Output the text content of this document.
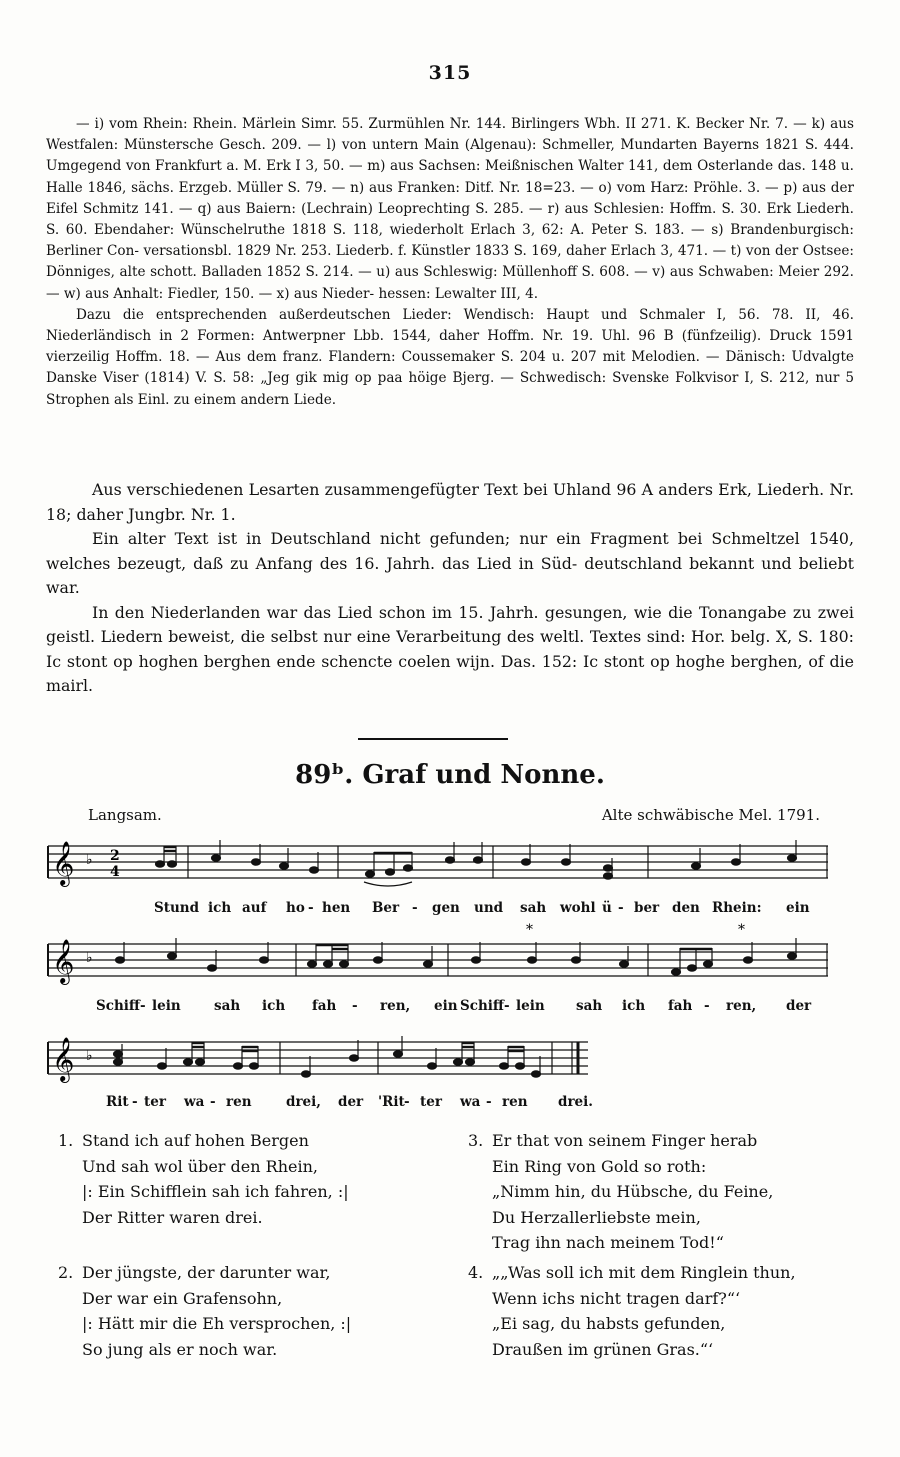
315

— i) vom Rhein: Rhein. Märlein Simr. 55. Zurmühlen Nr. 144. Birlingers Wbh. II 271. K. Becker Nr. 7. — k) aus Westfalen: Münstersche Gesch. 209. — l) von untern Main (Algenau): Schmeller, Mundarten Bayerns 1821 S. 444. Umgegend von Frankfurt a. M. Erk I 3, 50. — m) aus Sachsen: Meißnischen Walter 141, dem Osterlande das. 148 u. Halle 1846, sächs. Erzgeb. Müller S. 79. — n) aus Franken: Ditf. Nr. 18=23. — o) vom Harz: Pröhle. 3. — p) aus der Eifel Schmitz 141. — q) aus Baiern: (Lechrain) Leoprechting S. 285. — r) aus Schlesien: Hoffm. S. 30. Erk Liederh. S. 60. Ebendaher: Wünschelruthe 1818 S. 118, wiederholt Erlach 3, 62: A. Peter S. 183. — s) Brandenburgisch: Berliner Con- versationsbl. 1829 Nr. 253. Liederb. f. Künstler 1833 S. 169, daher Erlach 3, 471. — t) von der Ostsee: Dönniges, alte schott. Balladen 1852 S. 214. — u) aus Schleswig: Müllenhoff S. 608. — v) aus Schwaben: Meier 292. — w) aus Anhalt: Fiedler, 150. — x) aus Nieder- hessen: Lewalter III, 4.

Dazu die entsprechenden außerdeutschen Lieder: Wendisch: Haupt und Schmaler I, 56. 78. II, 46. Niederländisch in 2 Formen: Antwerpner Lbb. 1544, daher Hoffm. Nr. 19. Uhl. 96 B (fünfzeilig). Druck 1591 vierzeilig Hoffm. 18. — Aus dem franz. Flandern: Coussemaker S. 204 u. 207 mit Melodien. — Dänisch: Udvalgte Danske Viser (1814) V. S. 58: „Jeg gik mig op paa höige Bjerg. — Schwedisch: Svenske Folkvisor I, S. 212, nur 5 Strophen als Einl. zu einem andern Liede.

Aus verschiedenen Lesarten zusammengefügter Text bei Uhland 96 A anders Erk, Liederh. Nr. 18; daher Jungbr. Nr. 1.

Ein alter Text ist in Deutschland nicht gefunden; nur ein Fragment bei Schmeltzel 1540, welches bezeugt, daß zu Anfang des 16. Jahrh. das Lied in Süd- deutschland bekannt und beliebt war.

In den Niederlanden war das Lied schon im 15. Jahrh. gesungen, wie die Tonangabe zu zwei geistl. Liedern beweist, die selbst nur eine Verarbeitung des weltl. Textes sind: Hor. belg. X, S. 180: Ic stont op hoghen berghen ende schencte coelen wijn. Das. 152: Ic stont op hoghe berghen, of die mairl.

89ᵇ. Graf und Nonne.
Langsam.	Alte schwäbische Mel. 1791.
𝄞 ♭ 2
4
Stund ich auf ho - hen Ber - gen und sah wohl ü - ber den Rhein: ein
𝄞 ♭
*	*
Schiff - lein sah ich fah - ren, ein Schiff - lein sah ich fah - ren, der
𝄞 ♭
Rit - ter wa - ren	drei, der 'Rit - ter wa - ren drei.
1. Stand ich auf hohen Bergen
Und sah wol über den Rhein,
|: Ein Schifflein sah ich fahren, :|
Der Ritter waren drei.
2. Der jüngste, der darunter war,
Der war ein Grafensohn,
|: Hätt mir die Eh versprochen, :|
So jung als er noch war.
3. Er that von seinem Finger herab
Ein Ring von Gold so roth:
„Nimm hin, du Hübsche, du Feine,
Du Herzallerliebste mein,
Trag ihn nach meinem Tod!“
4. „„Was soll ich mit dem Ringlein thun,
Wenn ichs nicht tragen darf?“‘
„Ei sag, du habsts gefunden,
Draußen im grünen Gras.“‘
